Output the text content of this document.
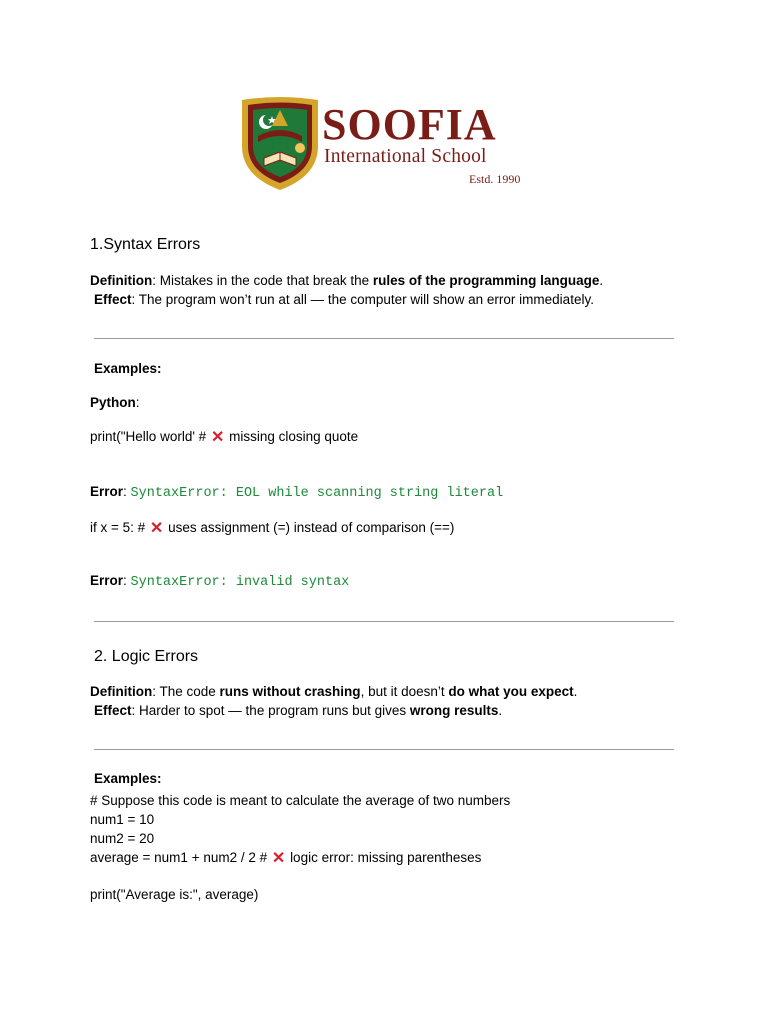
SOOFIA
International School
Estd. 1990
1.Syntax Errors
Definition: Mistakes in the code that break the rules of the programming language.
Effect: The program won’t run at all — the computer will show an error immediately.
Examples:
Python:
print("Hello world' # ✕ missing closing quote
Error: SyntaxError: EOL while scanning string literal
if x = 5: # ✕ uses assignment (=) instead of comparison (==)
Error: SyntaxError: invalid syntax
2. Logic Errors
Definition: The code runs without crashing, but it doesn’t do what you expect.
Effect: Harder to spot — the program runs but gives wrong results.
Examples:
# Suppose this code is meant to calculate the average of two numbers
num1 = 10
num2 = 20
average = num1 + num2 / 2 # ✕ logic error: missing parentheses
print("Average is:", average)
